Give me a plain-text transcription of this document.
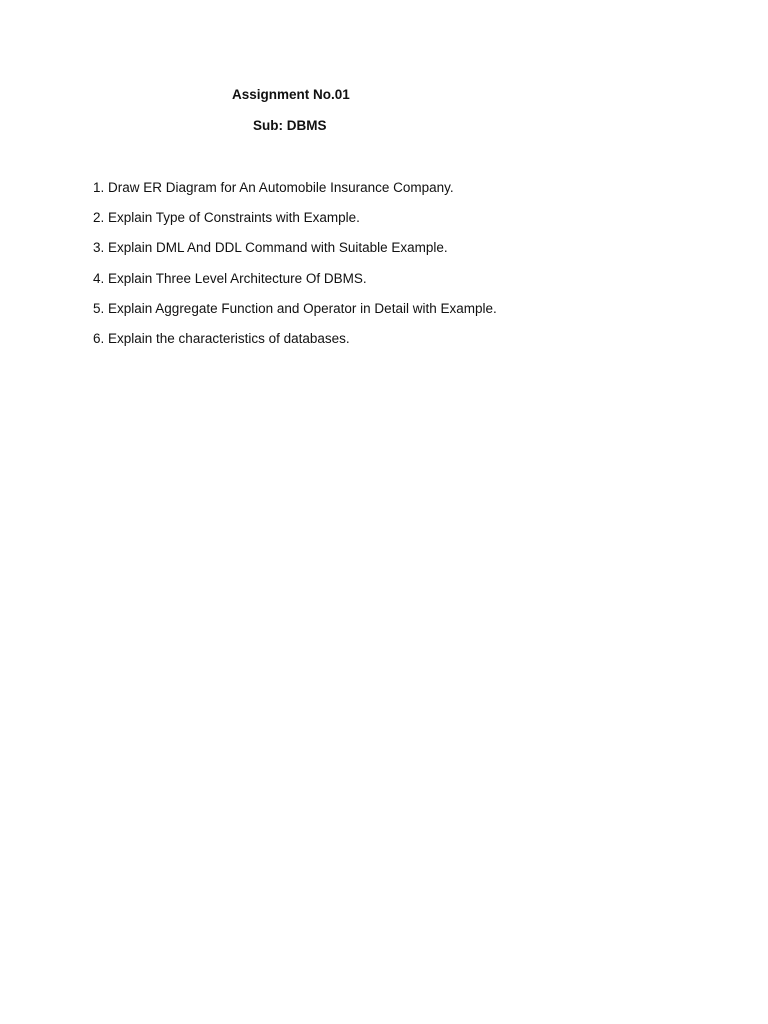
Assignment No.01
Sub: DBMS
1. Draw ER Diagram for An Automobile Insurance Company.
2. Explain Type of Constraints with Example.
3. Explain DML And DDL Command with Suitable Example.
4. Explain Three Level Architecture Of DBMS.
5. Explain Aggregate Function and Operator in Detail with Example.
6. Explain the characteristics of databases.
